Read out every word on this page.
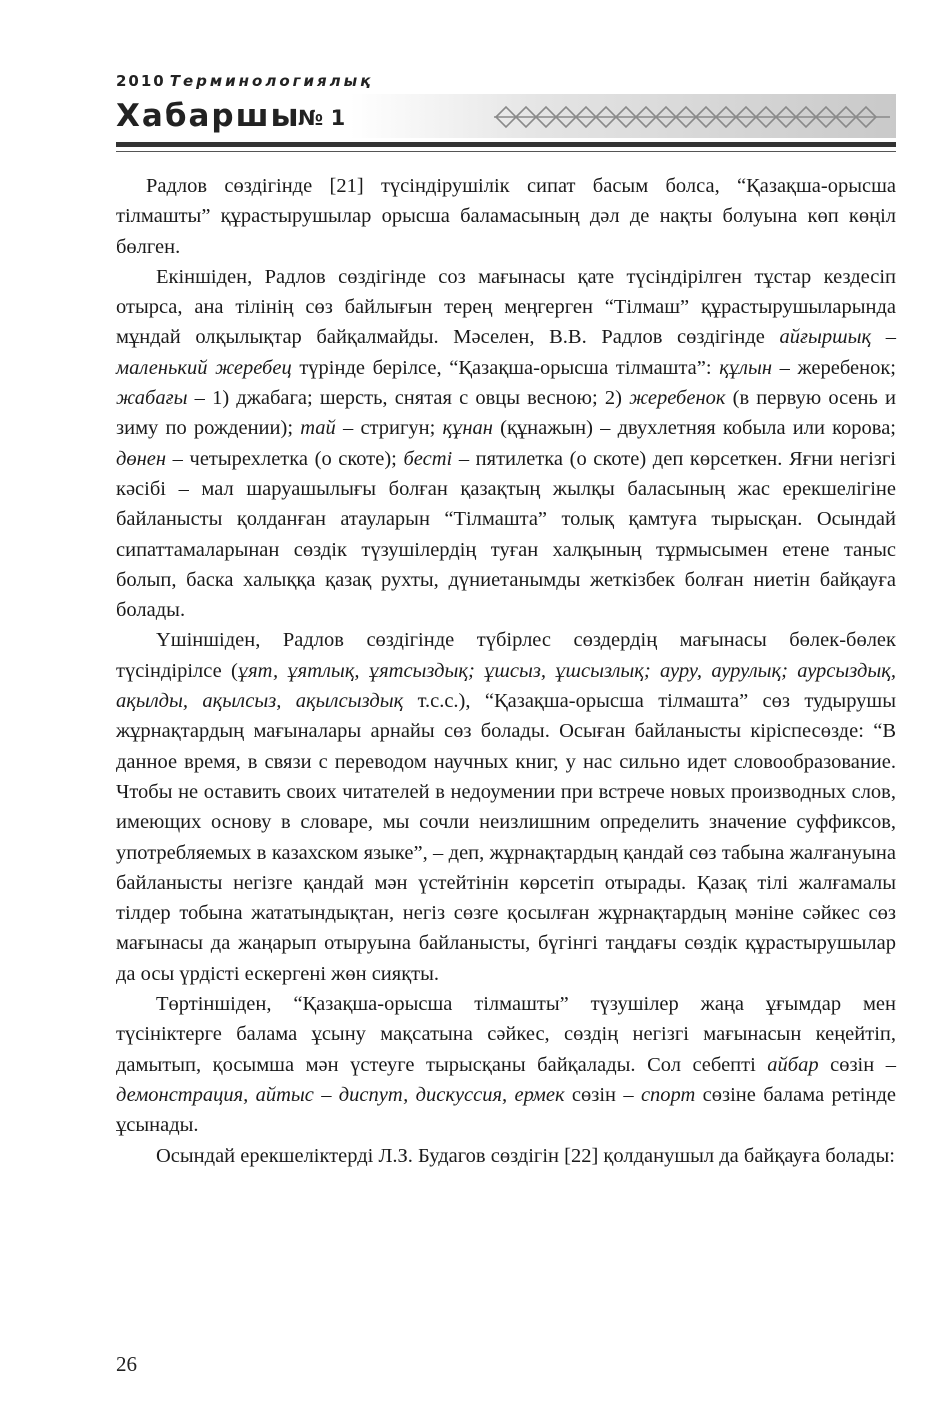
2010 Терминологиялық
Хабаршы
№ 1

Радлов сөздігінде [21] түсіндірушілік сипат басым болса, “Қазақша-орысша тілмашты” құрастырушылар орысша баламасының дәл де нақты болуына көп көңіл бөлген.

Екіншіден, Радлов сөздігінде соз мағынасы қате түсіндірілген тұстар кездесіп отырса, ана тілінің сөз байлығын терең меңгерген “Тілмаш” құрастырушыларында мұндай олқылықтар байқалмайды. Мәселен, В.В. Радлов сөздігінде айғыршық – маленький жеребец түрінде берілсе, “Қазақша-орысша тілмашта”: құлын – жеребенок; жабағы – 1) джабага; шерсть, снятая с овцы весною; 2) жеребенок (в первую осень и зиму по рождении); тай – стригун; құнан (құнажын) – двухлетняя кобыла или корова; дөнен – четырехлетка (о скоте); бесті – пятилетка (о скоте) деп көрсеткен. Яғни негізгі кәсібі – мал шаруашылығы болған қазақтың жылқы баласының жас ерекшелігіне байланысты қолданған атауларын “Тілмашта” толық қамтуға тырысқан. Осындай сипаттамаларынан сөздік түзушілердің туған халқының тұрмысымен етене таныс болып, баска халыққа қазақ рухты, дүниетанымды жеткізбек болған ниетін байқауға болады.

Үшіншіден, Радлов сөздігінде түбірлес сөздердің мағынасы бөлек-бөлек түсіндірілсе (ұят, ұятлық, ұятсыздық; ұшсыз, ұшсызлық; ауру, аурулық; аурсыздық, ақылды, ақылсыз, ақылсыздық т.с.с.), “Қазақша-орысша тілмашта” сөз тудырушы жұрнақтардың мағыналары арнайы сөз болады. Осыған байланысты кіріспесөзде: “В данное время, в связи с переводом научных книг, у нас сильно идет словообразование. Чтобы не оставить своих читателей в недоумении при встрече новых производных слов, имеющих основу в словаре, мы сочли неизлишним определить значение суффиксов, употребляемых в казахском языке”, – деп, жұрнақтардың қандай сөз табына жалғануына байланысты негізге қандай мән үстейтінін көрсетіп отырады. Қазақ тілі жалғамалы тілдер тобына жататындықтан, негіз сөзге қосылған жұрнақтардың мәніне сәйкес сөз мағынасы да жаңарып отыруына байланысты, бүгінгі таңдағы сөздік құрастырушылар да осы үрдісті ескергені жөн сияқты.

Төртіншіден, “Қазақша-орысша тілмашты” түзушілер жаңа ұғымдар мен түсініктерге балама ұсыну мақсатына сәйкес, сөздің негізгі мағынасын кеңейтіп, дамытып, қосымша мән үстеуге тырысқаны байқалады. Сол себепті айбар сөзін – демонстрация, айтыс – диспут, дискуссия, ермек сөзін – спорт сөзіне балама ретінде ұсынады.

Осындай ерекшеліктерді Л.З. Будагов сөздігін [22] қолданушыл да байқауға болады:

26
